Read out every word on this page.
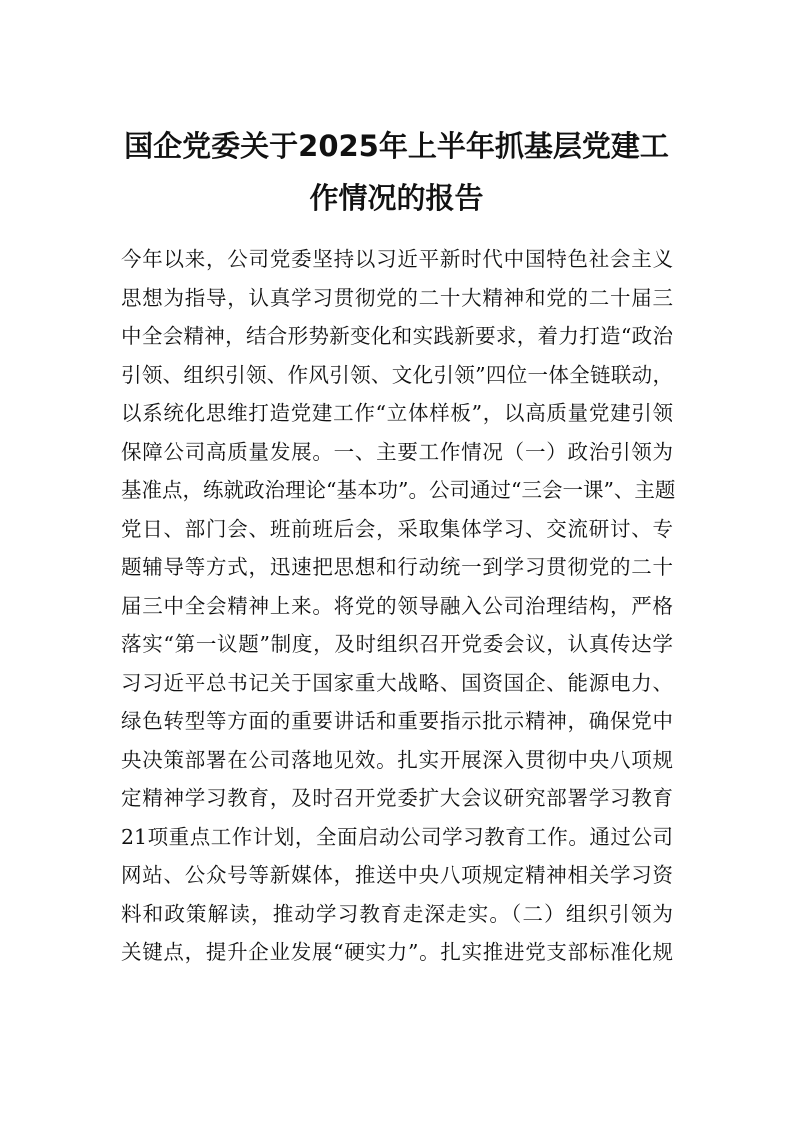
国企党委关于2025年上半年抓基层党建工
作情况的报告
今年以来，公司党委坚持以习近平新时代中国特色社会主义
思想为指导，认真学习贯彻党的二十大精神和党的二十届三
中全会精神，结合形势新变化和实践新要求，着力打造“政治
引领、组织引领、作风引领、文化引领”四位一体全链联动，
以系统化思维打造党建工作“立体样板”，以高质量党建引领
保障公司高质量发展。一、主要工作情况（一）政治引领为
基准点，练就政治理论“基本功”。公司通过“三会一课”、主题
党日、部门会、班前班后会，采取集体学习、交流研讨、专
题辅导等方式，迅速把思想和行动统一到学习贯彻党的二十
届三中全会精神上来。将党的领导融入公司治理结构，严格
落实“第一议题”制度，及时组织召开党委会议，认真传达学
习习近平总书记关于国家重大战略、国资国企、能源电力、
绿色转型等方面的重要讲话和重要指示批示精神，确保党中
央决策部署在公司落地见效。扎实开展深入贯彻中央八项规
定精神学习教育，及时召开党委扩大会议研究部署学习教育
21项重点工作计划，全面启动公司学习教育工作。通过公司
网站、公众号等新媒体，推送中央八项规定精神相关学习资
料和政策解读，推动学习教育走深走实。（二）组织引领为
关键点，提升企业发展“硬实力”。扎实推进党支部标准化规
